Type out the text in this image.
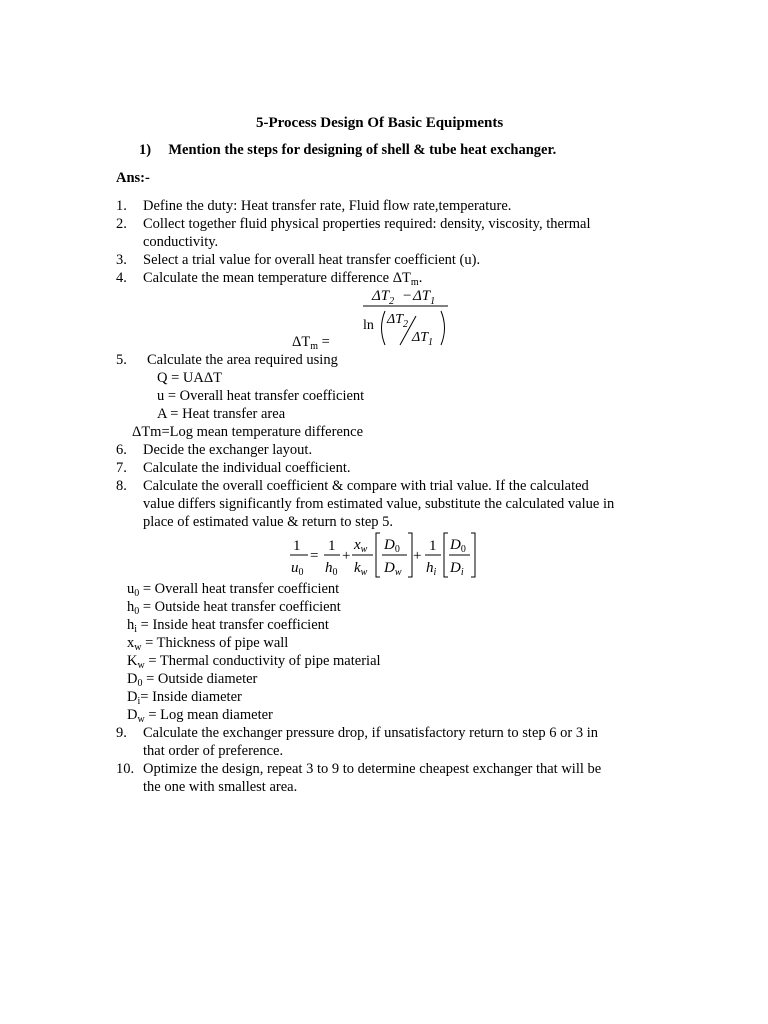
5-Process Design Of Basic Equipments
1) Mention the steps for designing of shell & tube heat exchanger.
Ans:-
1.	Define the duty: Heat transfer rate, Fluid flow rate,temperature.
2.	Collect together fluid physical properties required: density, viscosity, thermal
conductivity.
3.	Select a trial value for overall heat transfer coefficient (u).
4.	Calculate the mean temperature difference $\Delta T_m$.
$\Delta T_m$ =
$\Delta T_2 - \Delta T_1$
$\ln \Delta T_2$
$\Delta T_1$
5.	Calculate the area required using
Q = UAΔT
u = Overall heat transfer coefficient
A = Heat transfer area
ΔTm=Log mean temperature difference
6.	Decide the exchanger layout.
7.	Calculate the individual coefficient.
8.	Calculate the overall coefficient & compare with trial value. If the calculated
value differs significantly from estimated value, substitute the calculated value in
place of estimated value & return to step 5.
1
$u_0$
=
1
$h_0$
+
$x_w$
$k_w$
$D_0$
$D_w$
+
1
$h_i$
$D_0$
$D_i$
$u_0$ = Overall heat transfer coefficient
$h_0$ = Outside heat transfer coefficient
$h_i$ = Inside heat transfer coefficient
$x_w$ = Thickness of pipe wall
$K_w$ = Thermal conductivity of pipe material
$D_0$ = Outside diameter
$D_i=$ Inside diameter
$D_w$ = Log mean diameter
9.	Calculate the exchanger pressure drop, if unsatisfactory return to step 6 or 3 in
that order of preference.
10. Optimize the design, repeat 3 to 9 to determine cheapest exchanger that will be
the one with smallest area.
